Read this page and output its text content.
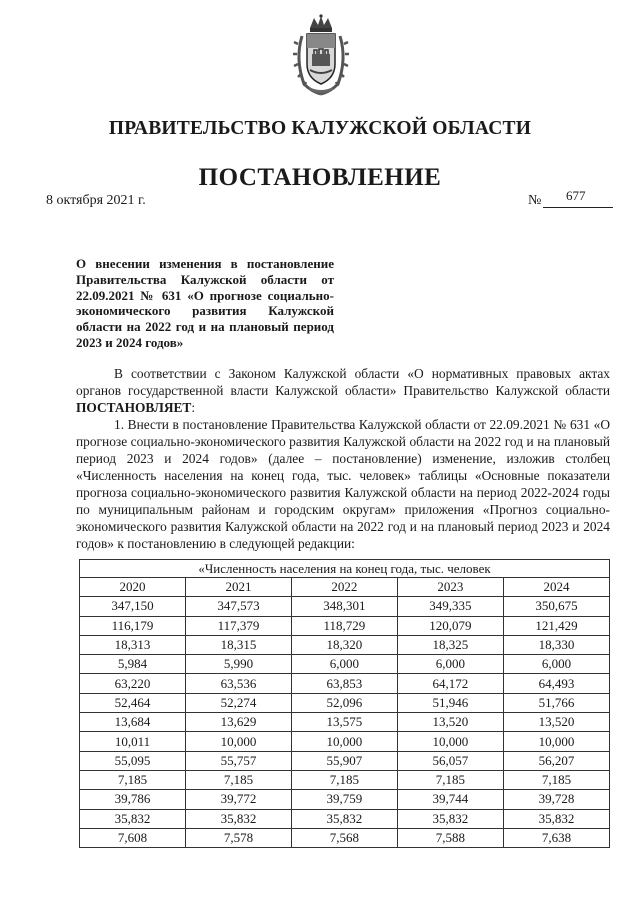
ПРАВИТЕЛЬСТВО КАЛУЖСКОЙ ОБЛАСТИ
ПОСТАНОВЛЕНИЕ
8 октября 2021 г.	№ 677
О внесении изменения в постановление Правительства Калужской области от 22.09.2021 № 631 «О прогнозе социально-экономического развития Калужской области на 2022 год и на плановый период 2023 и 2024 годов»
В соответствии с Законом Калужской области «О нормативных правовых актах органов государственной власти Калужской области» Правительство Калужской области ПОСТАНОВЛЯЕТ:
1. Внести в постановление Правительства Калужской области от 22.09.2021 № 631 «О прогнозе социально-экономического развития Калужской области на 2022 год и на плановый период 2023 и 2024 годов» (далее – постановление) изменение, изложив столбец «Численность населения на конец года, тыс. человек» таблицы «Основные показатели прогноза социально-экономического развития Калужской области на период 2022-2024 годы по муниципальным районам и городским округам» приложения «Прогноз социально-экономического развития Калужской области на 2022 год и на плановый период 2023 и 2024 годов» к постановлению в следующей редакции:
«Численность населения на конец года, тыс. человек				
2020	2021	2022	2023	2024
347,150	347,573	348,301	349,335	350,675
116,179	117,379	118,729	120,079	121,429
18,313	18,315	18,320	18,325	18,330
5,984	5,990	6,000	6,000	6,000
63,220	63,536	63,853	64,172	64,493
52,464	52,274	52,096	51,946	51,766
13,684	13,629	13,575	13,520	13,520
10,011	10,000	10,000	10,000	10,000
55,095	55,757	55,907	56,057	56,207
7,185	7,185	7,185	7,185	7,185
39,786	39,772	39,759	39,744	39,728
35,832	35,832	35,832	35,832	35,832
7,608	7,578	7,568	7,588	7,638
